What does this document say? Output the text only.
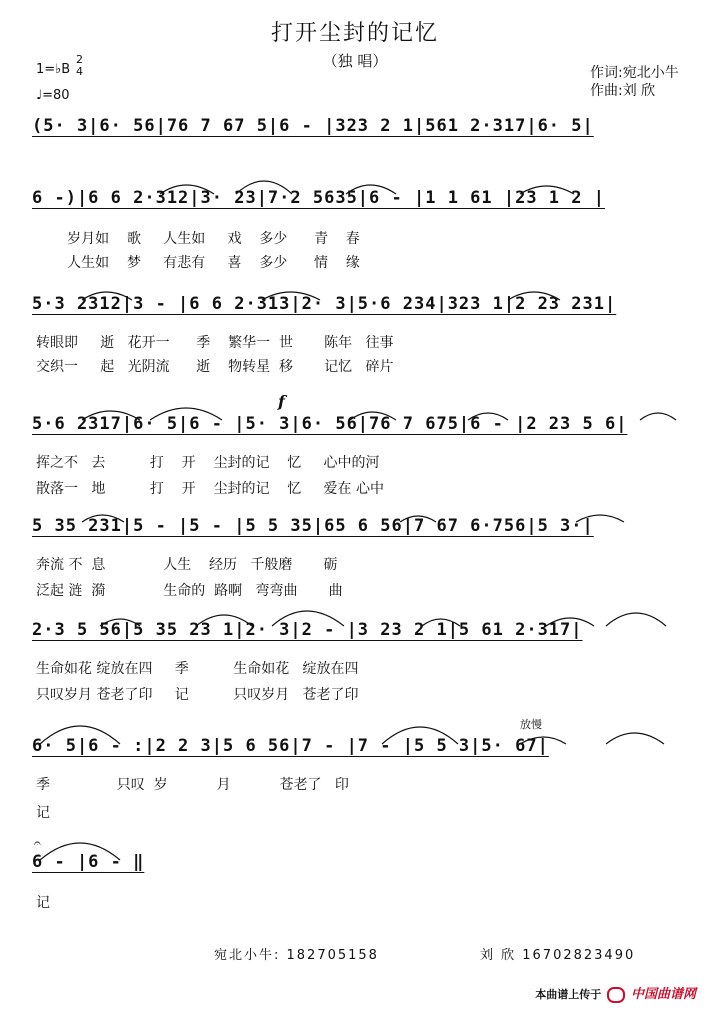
打开尘封的记忆
（独 唱）
1=♭B
2
4
♩=80
作词:宛北小牛
作曲:刘 欣
(5· 3|6· 56|76 7 67 5|6 - |323 2 1|561 2·317|6· 5|
6 -)|6 6 2·312|3· 23|7·2 5635|6 - |1 1 61 |23 1 2 |
岁月如    歌     人生如     戏    多少      青    春
人生如    梦     有悲有     喜    多少      情    缘
5·3 2312|3 - |6 6 2·313|2· 3|5·6 234|323 1|2 23 231|
转眼即     逝   花开一      季    繁华一  世       陈年   往事
交织一     起   光阴流      逝    物转星  移       记忆   碎片
5·6 2317|6· 5|6 - |5· 3|6· 56|76 7 675|6 - |2 23 5 6|
f
挥之不   去          打    开    尘封的记    忆     心中的河
散落一   地          打    开    尘封的记    忆     爱在 心中
5 35 231|5 - |5 - |5 5 35|65 6 56|7 67 6·756|5 3·|
奔流 不  息             人生    经历   千般磨       砺
泛起 涟  漪             生命的  路啊   弯弯曲       曲
2·3 5 56|5 35 23 1|2· 3|2 - |3 23 2 1|5 61 2·317|
生命如花 绽放在四     季          生命如花   绽放在四
只叹岁月 苍老了印     记          只叹岁月   苍老了印
放慢
6· 5|6 - :|2 2 3|5 6 56|7 - |7 - |5 5 3|5· 67|
季               只叹  岁           月           苍老了   印
记
𝄐
6 - |6 - ‖
记
宛北小牛: 182705158	刘 欣 16702823490
本曲谱上传于 中国曲谱网
